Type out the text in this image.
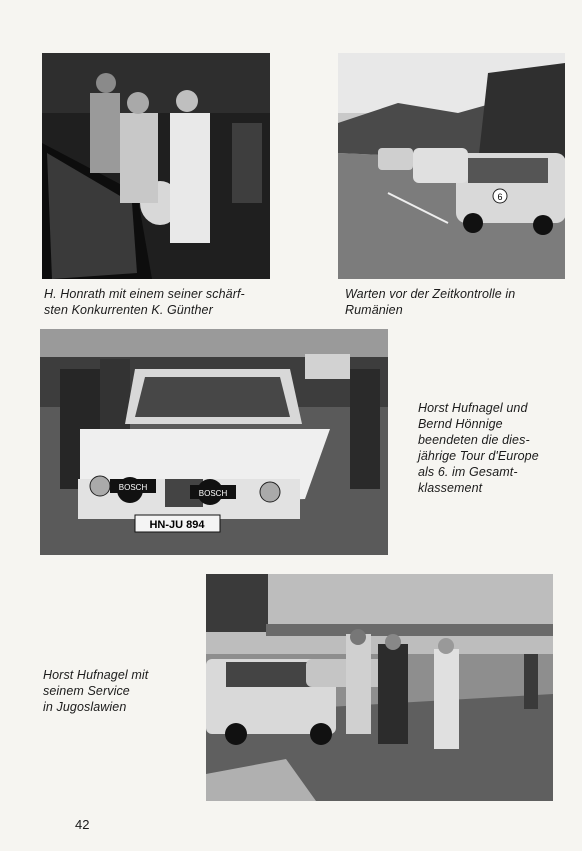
H. Honrath mit einem seiner schärf-
sten Konkurrenten K. Günther
6
Warten vor der Zeitkontrolle in
Rumänien
BOSCH
BOSCH
HN-JU 894
Horst Hufnagel und
Bernd Hönnige
beendeten die dies-
jährige Tour d'Europe
als 6. im Gesamt-
klassement
Horst Hufnagel mit
seinem Service
in Jugoslawien
42
